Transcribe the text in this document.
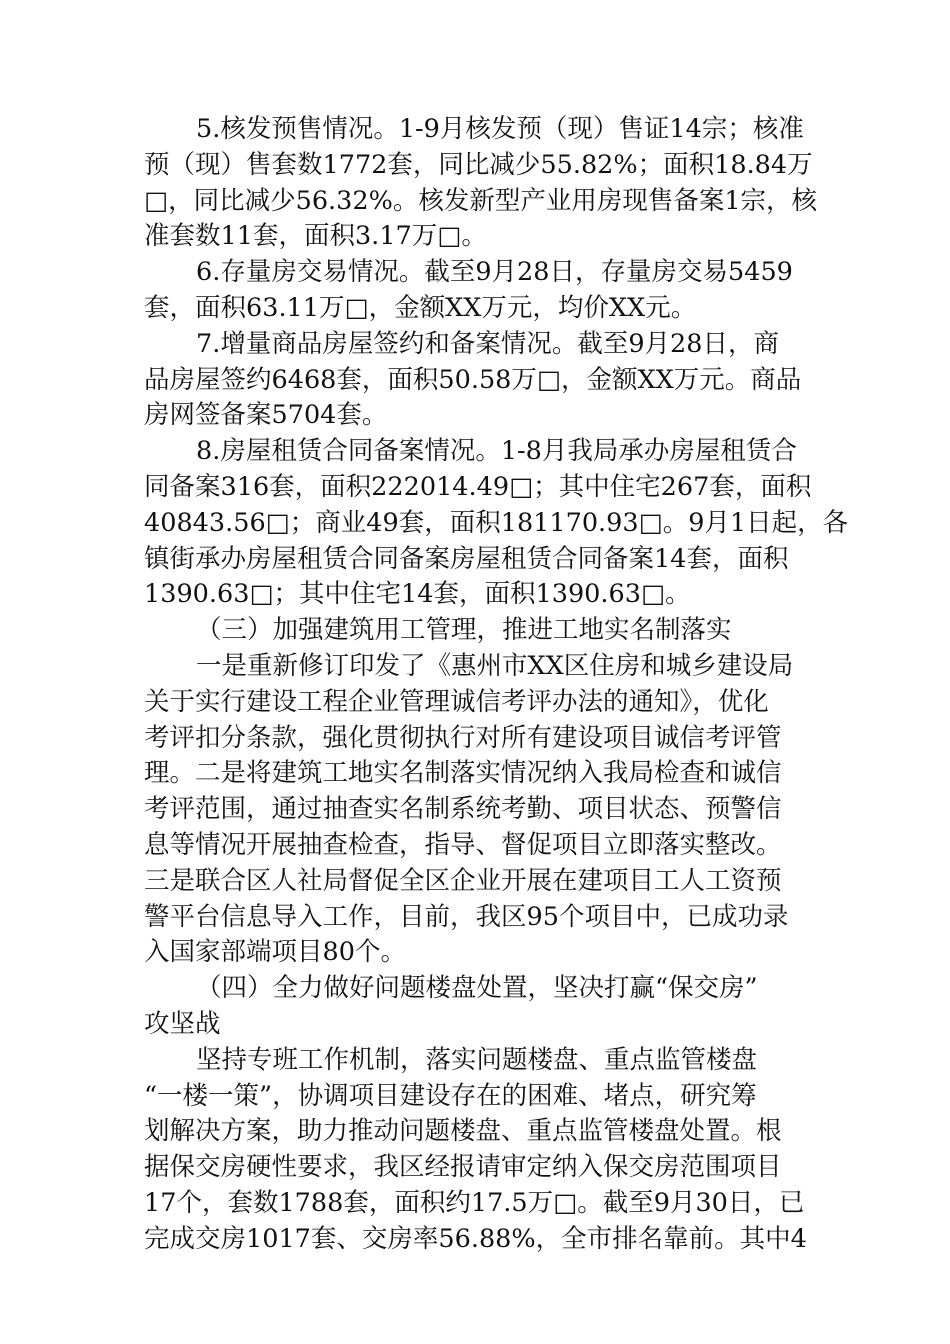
5.核发预售情况。1-9月核发预（现）售证14宗；核准
预（现）售套数1772套，同比减少55.82%；面积18.84万
□，同比减少56.32%。核发新型产业用房现售备案1宗，核
准套数11套，面积3.17万□。
6.存量房交易情况。截至9月28日，存量房交易5459
套，面积63.11万□，金额XX万元，均价XX元。
7.增量商品房屋签约和备案情况。截至9月28日，商
品房屋签约6468套，面积50.58万□，金额XX万元。商品
房网签备案5704套。
8.房屋租赁合同备案情况。1-8月我局承办房屋租赁合
同备案316套，面积222014.49□；其中住宅267套，面积
40843.56□；商业49套，面积181170.93□。9月1日起，各
镇街承办房屋租赁合同备案房屋租赁合同备案14套，面积
1390.63□；其中住宅14套，面积1390.63□。
（三）加强建筑用工管理，推进工地实名制落实
一是重新修订印发了《惠州市XX区住房和城乡建设局
关于实行建设工程企业管理诚信考评办法的通知》，优化
考评扣分条款，强化贯彻执行对所有建设项目诚信考评管
理。二是将建筑工地实名制落实情况纳入我局检查和诚信
考评范围，通过抽查实名制系统考勤、项目状态、预警信
息等情况开展抽查检查，指导、督促项目立即落实整改。
三是联合区人社局督促全区企业开展在建项目工人工资预
警平台信息导入工作，目前，我区95个项目中，已成功录
入国家部端项目80个。
（四）全力做好问题楼盘处置，坚决打赢“保交房”
攻坚战
坚持专班工作机制，落实问题楼盘、重点监管楼盘
“一楼一策”，协调项目建设存在的困难、堵点，研究筹
划解决方案，助力推动问题楼盘、重点监管楼盘处置。根
据保交房硬性要求，我区经报请审定纳入保交房范围项目
17个，套数1788套，面积约17.5万□。截至9月30日，已
完成交房1017套、交房率56.88%，全市排名靠前。其中4
